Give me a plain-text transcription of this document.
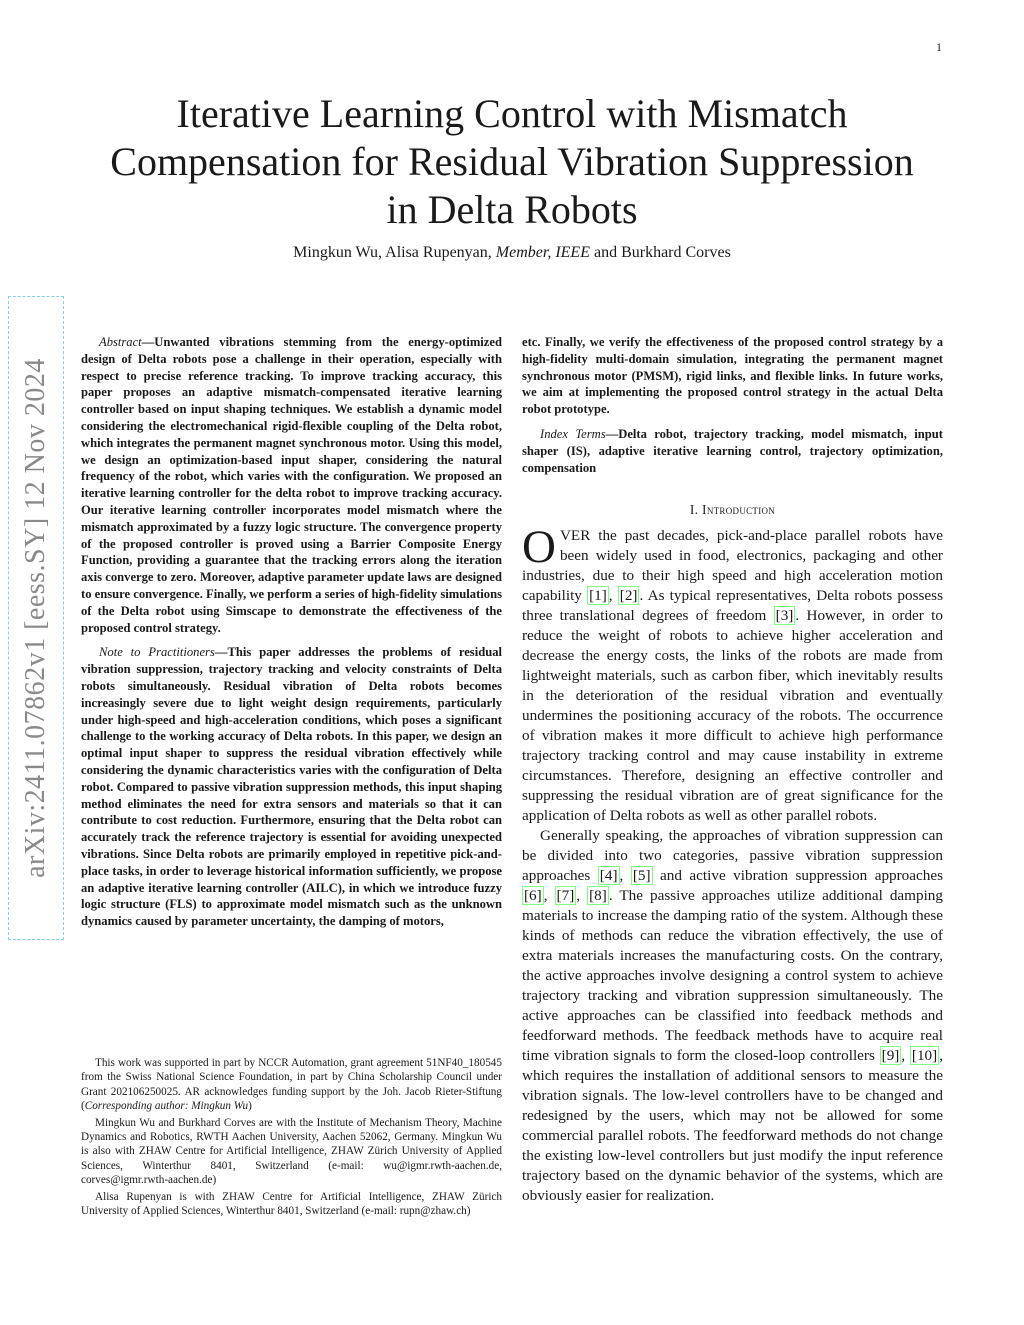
1
Iterative Learning Control with Mismatch
Compensation for Residual Vibration Suppression
in Delta Robots
Mingkun Wu, Alisa Rupenyan, Member, IEEE and Burkhard Corves
arXiv:2411.07862v1 [eess.SY] 12 Nov 2024

Abstract—Unwanted vibrations stemming from the energy-optimized design of Delta robots pose a challenge in their operation, especially with respect to precise reference tracking. To improve tracking accuracy, this paper proposes an adaptive mismatch-compensated iterative learning controller based on input shaping techniques. We establish a dynamic model considering the electromechanical rigid-flexible coupling of the Delta robot, which integrates the permanent magnet synchronous motor. Using this model, we design an optimization-based input shaper, considering the natural frequency of the robot, which varies with the configuration. We proposed an iterative learning controller for the delta robot to improve tracking accuracy. Our iterative learning controller incorporates model mismatch where the mismatch approximated by a fuzzy logic structure. The convergence property of the proposed controller is proved using a Barrier Composite Energy Function, providing a guarantee that the tracking errors along the iteration axis converge to zero. Moreover, adaptive parameter update laws are designed to ensure convergence. Finally, we perform a series of high-fidelity simulations of the Delta robot using Simscape to demonstrate the effectiveness of the proposed control strategy.

Note to Practitioners—This paper addresses the problems of residual vibration suppression, trajectory tracking and velocity constraints of Delta robots simultaneously. Residual vibration of Delta robots becomes increasingly severe due to light weight design requirements, particularly under high-speed and high-acceleration conditions, which poses a significant challenge to the working accuracy of Delta robots. In this paper, we design an optimal input shaper to suppress the residual vibration effectively while considering the dynamic characteristics varies with the configuration of Delta robot. Compared to passive vibration suppression methods, this input shaping method eliminates the need for extra sensors and materials so that it can contribute to cost reduction. Furthermore, ensuring that the Delta robot can accurately track the reference trajectory is essential for avoiding unexpected vibrations. Since Delta robots are primarily employed in repetitive pick-and-place tasks, in order to leverage historical information sufficiently, we propose an adaptive iterative learning controller (AILC), in which we introduce fuzzy logic structure (FLS) to approximate model mismatch such as the unknown dynamics caused by parameter uncertainty, the damping of motors,

etc. Finally, we verify the effectiveness of the proposed control strategy by a high-fidelity multi-domain simulation, integrating the permanent magnet synchronous motor (PMSM), rigid links, and flexible links. In future works, we aim at implementing the proposed control strategy in the actual Delta robot prototype.

Index Terms—Delta robot, trajectory tracking, model mismatch, input shaper (IS), adaptive iterative learning control, trajectory optimization, compensation

I. Introduction

OVER the past decades, pick-and-place parallel robots have been widely used in food, electronics, packaging and other industries, due to their high speed and high acceleration motion capability [1] , [2] . As typical representatives, Delta robots possess three translational degrees of freedom [3] . However, in order to reduce the weight of robots to achieve higher acceleration and decrease the energy costs, the links of the robots are made from lightweight materials, such as carbon fiber, which inevitably results in the deterioration of the residual vibration and eventually undermines the positioning accuracy of the robots. The occurrence of vibration makes it more difficult to achieve high performance trajectory tracking control and may cause instability in extreme circumstances. Therefore, designing an effective controller and suppressing the residual vibration are of great significance for the application of Delta robots as well as other parallel robots.

Generally speaking, the approaches of vibration suppression can be divided into two categories, passive vibration suppression approaches [4] , [5] and active vibration suppression approaches [6] , [7] , [8] . The passive approaches utilize additional damping materials to increase the damping ratio of the system. Although these kinds of methods can reduce the vibration effectively, the use of extra materials increases the manufacturing costs. On the contrary, the active approaches involve designing a control system to achieve trajectory tracking and vibration suppression simultaneously. The active approaches can be classified into feedback methods and feedforward methods. The feedback methods have to acquire real time vibration signals to form the closed-loop controllers [9] , [10] , which requires the installation of additional sensors to measure the vibration signals. The low-level controllers have to be changed and redesigned by the users, which may not be allowed for some commercial parallel robots. The feedforward methods do not change the existing low-level controllers but just modify the input reference trajectory based on the dynamic behavior of the systems, which are obviously easier for realization.

This work was supported in part by NCCR Automation, grant agreement 51NF40_180545 from the Swiss National Science Foundation, in part by China Scholarship Council under Grant 202106250025. AR acknowledges funding support by the Joh. Jacob Rieter-Stiftung (Corresponding author: Mingkun Wu)

Mingkun Wu and Burkhard Corves are with the Institute of Mechanism Theory, Machine Dynamics and Robotics, RWTH Aachen University, Aachen 52062, Germany. Mingkun Wu is also with ZHAW Centre for Artificial Intelligence, ZHAW Zürich University of Applied Sciences, Winterthur 8401, Switzerland (e-mail: wu@igmr.rwth-aachen.de, corves@igmr.rwth-aachen.de)

Alisa Rupenyan is with ZHAW Centre for Artificial Intelligence, ZHAW Zürich University of Applied Sciences, Winterthur 8401, Switzerland (e-mail: rupn@zhaw.ch)
